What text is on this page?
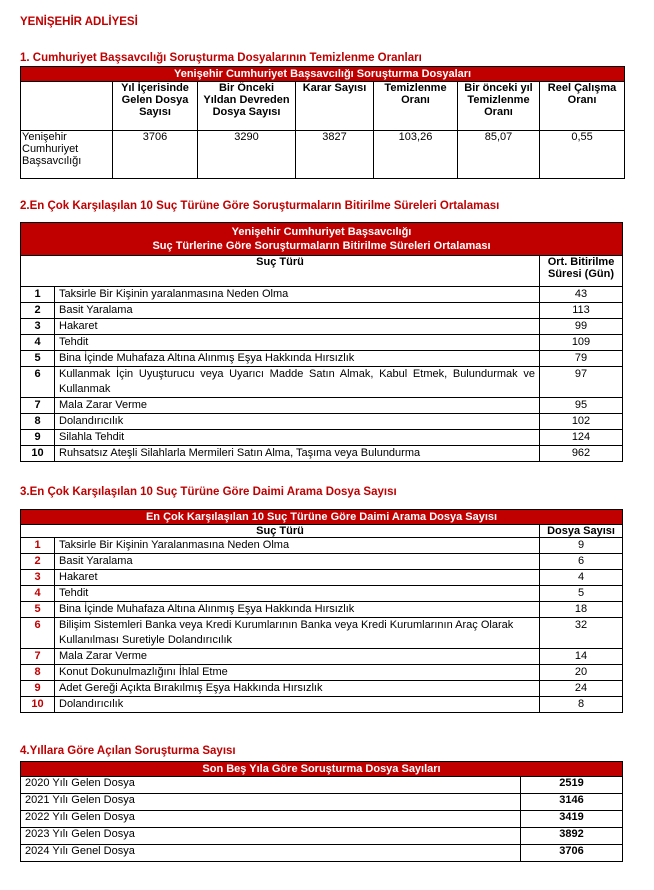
YENİŞEHİR ADLİYESİ
1. Cumhuriyet Başsavcılığı Soruşturma Dosyalarının Temizlenme Oranları
Yenişehir Cumhuriyet Başsavcılığı Soruşturma Dosyaları						
	Yıl İçerisinde Gelen Dosya Sayısı	Bir Önceki Yıldan Devreden Dosya Sayısı	Karar Sayısı	Temizlenme Oranı	Bir önceki yıl Temizlenme Oranı	Reel Çalışma Oranı
Yenişehir Cumhuriyet Başsavcılığı	3706	3290	3827	103,26	85,07	0,55
2.En Çok Karşılaşılan 10 Suç Türüne Göre Soruşturmaların Bitirilme Süreleri Ortalaması
Yenişehir Cumhuriyet Başsavcılığı
Suç Türlerine Göre Soruşturmaların Bitirilme Süreleri Ortalaması		

Suç Türü		Ort. Bitirilme Süresi (Gün)
1	Taksirle Bir Kişinin yaralanmasına Neden Olma	43
2	Basit Yaralama	113
3	Hakaret	99
4	Tehdit	109
5	Bina İçinde Muhafaza Altına Alınmış Eşya Hakkında Hırsızlık	79
6	Kullanmak İçin Uyuşturucu veya Uyarıcı Madde Satın Almak, Kabul Etmek, Bulundurmak ve Kullanmak	97
7	Mala Zarar Verme	95
8	Dolandırıcılık	102
9	Silahla Tehdit	124
10	Ruhsatsız Ateşli Silahlarla Mermileri Satın Alma, Taşıma veya Bulundurma	962
3.En Çok Karşılaşılan 10 Suç Türüne Göre Daimi Arama Dosya Sayısı
En Çok Karşılaşılan 10 Suç Türüne Göre Daimi Arama Dosya Sayısı		
Suç Türü		Dosya Sayısı
1	Taksirle Bir Kişinin Yaralanmasına Neden Olma	9
2	Basit Yaralama	6
3	Hakaret	4
4	Tehdit	5
5	Bina İçinde Muhafaza Altına Alınmış Eşya Hakkında Hırsızlık	18
6	Bilişim Sistemleri Banka veya Kredi Kurumlarının Banka veya Kredi Kurumlarının Araç Olarak Kullanılması Suretiyle Dolandırıcılık	32
7	Mala Zarar Verme	14
8	Konut Dokunulmazlığını İhlal Etme	20
9	Adet Gereği Açıkta Bırakılmış Eşya Hakkında Hırsızlık	24
10	Dolandırıcılık	8
4.Yıllara Göre Açılan Soruşturma Sayısı
Son Beş Yıla Göre Soruşturma Dosya Sayıları	
2020 Yılı Gelen Dosya	2519
2021 Yılı Gelen Dosya	3146
2022 Yılı Gelen Dosya	3419
2023 Yılı Gelen Dosya	3892
2024 Yılı Genel Dosya	3706
